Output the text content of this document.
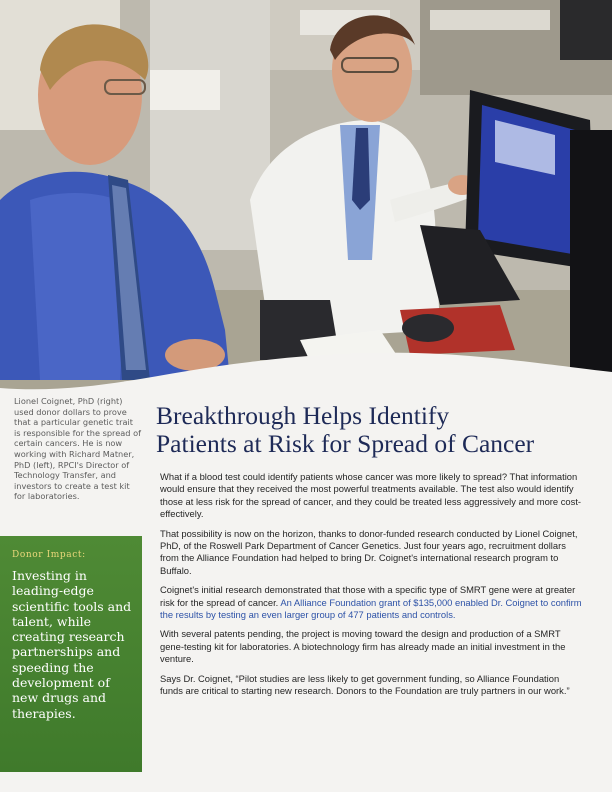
Lionel Coignet, PhD (right) used donor dollars to prove that a particular genetic trait is responsible for the spread of certain cancers. He is now working with Richard Matner, PhD (left), RPCI's Director of Technology Transfer, and investors to create a test kit for laboratories.
Donor Impact:
Investing in leading-edge scientific tools and talent, while creating research partnerships and speeding the development of new drugs and therapies.
Breakthrough Helps Identify
Patients at Risk for Spread of Cancer

What if a blood test could identify patients whose cancer was more likely to spread? That information would ensure that they received the most powerful treatments available. The test also would identify those at less risk for the spread of cancer, and they could be treated less aggressively and more cost-effectively.

That possibility is now on the horizon, thanks to donor-funded research conducted by Lionel Coignet, PhD, of the Roswell Park Department of Cancer Genetics. Just four years ago, recruitment dollars from the Alliance Foundation had helped to bring Dr. Coignet's international research program to Buffalo.

Coignet's initial research demonstrated that those with a specific type of SMRT gene were at greater risk for the spread of cancer. An Alliance Foundation grant of $135,000 enabled Dr. Coignet to confirm the results by testing an even larger group of 477 patients and controls.

With several patents pending, the project is moving toward the design and production of a SMRT gene-testing kit for laboratories. A biotechnology firm has already made an initial investment in the venture.

Says Dr. Coignet, “Pilot studies are less likely to get government funding, so Alliance Foundation funds are critical to starting new research. Donors to the Foundation are truly partners in our work.”
